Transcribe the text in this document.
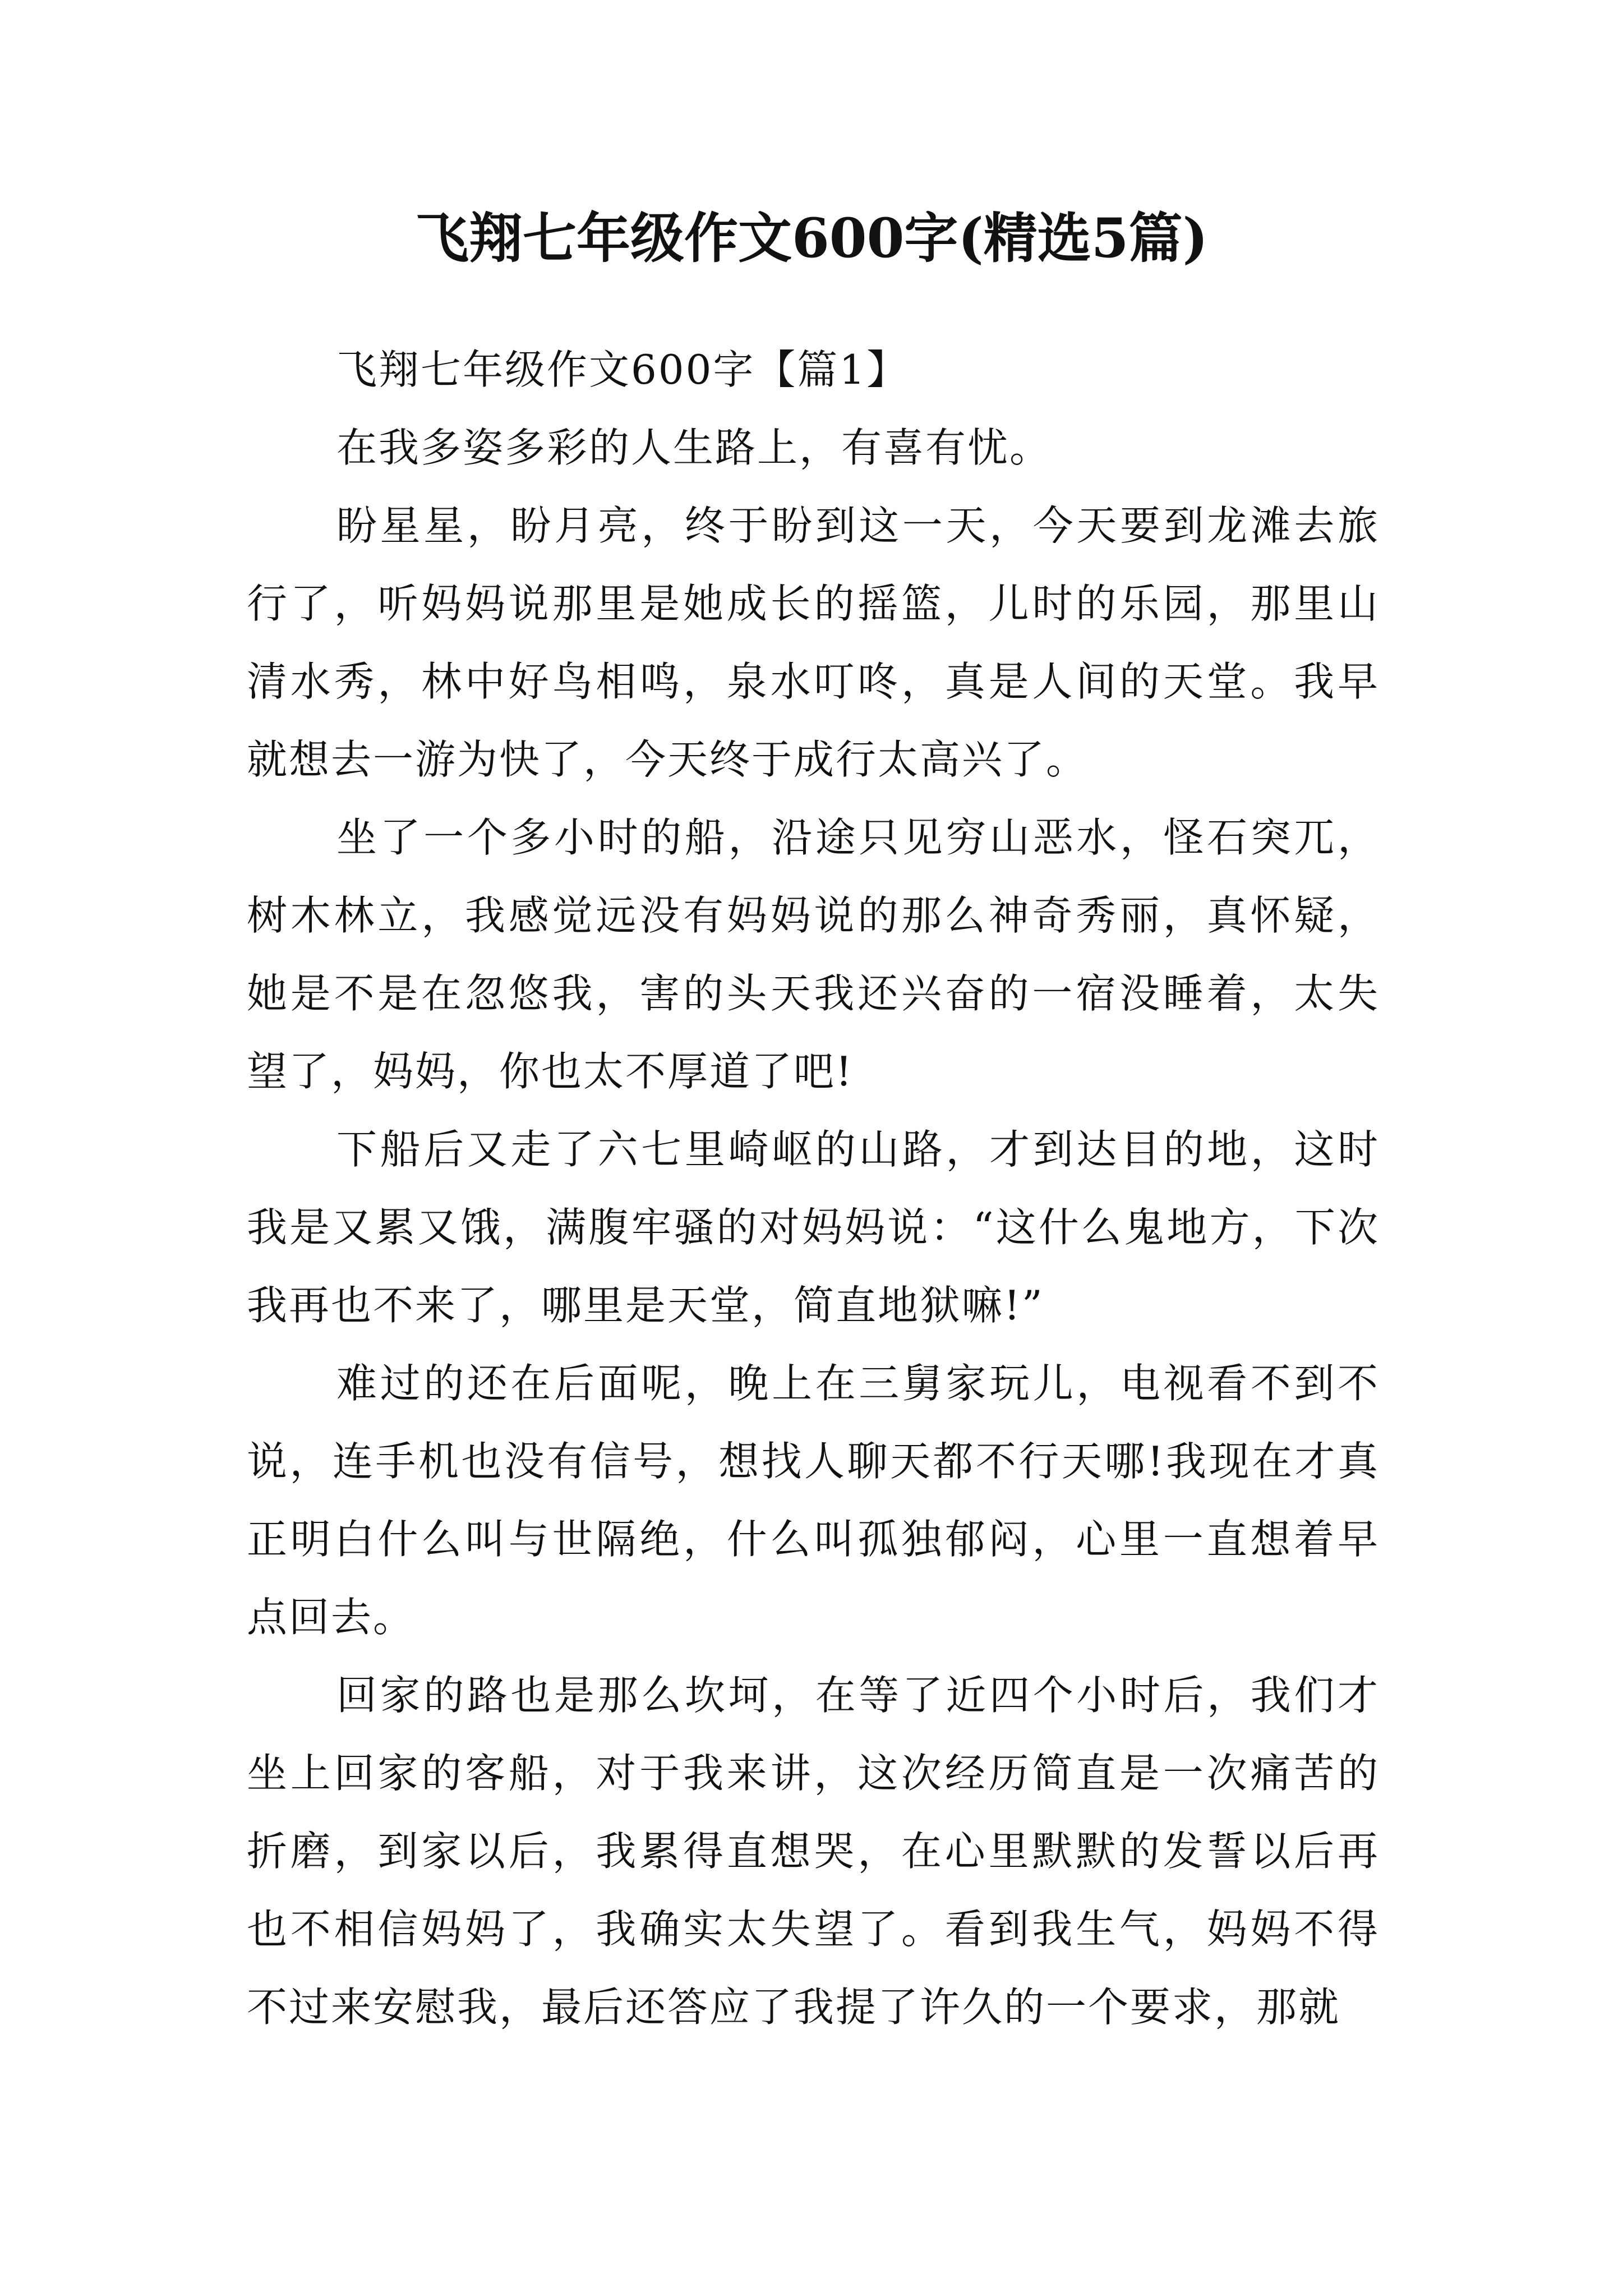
飞翔七年级作文600字(精选5篇)

飞翔七年级作文600字【篇1】

在我多姿多彩的人生路上，有喜有忧。

盼星星，盼月亮，终于盼到这一天，今天要到龙滩去旅行了，听妈妈说那里是她成长的摇篮，儿时的乐园，那里山清水秀，林中好鸟相鸣，泉水叮咚，真是人间的天堂。我早就想去一游为快了，今天终于成行太高兴了。

坐了一个多小时的船，沿途只见穷山恶水，怪石突兀，树木林立，我感觉远没有妈妈说的那么神奇秀丽，真怀疑，她是不是在忽悠我，害的头天我还兴奋的一宿没睡着，太失望了，妈妈，你也太不厚道了吧!

下船后又走了六七里崎岖的山路，才到达目的地，这时我是又累又饿，满腹牢骚的对妈妈说：“这什么鬼地方，下次我再也不来了，哪里是天堂，简直地狱嘛!”

难过的还在后面呢，晚上在三舅家玩儿，电视看不到不说，连手机也没有信号，想找人聊天都不行天哪!我现在才真正明白什么叫与世隔绝，什么叫孤独郁闷，心里一直想着早点回去。

回家的路也是那么坎坷，在等了近四个小时后，我们才坐上回家的客船，对于我来讲，这次经历简直是一次痛苦的折磨，到家以后，我累得直想哭，在心里默默的发誓以后再也不相信妈妈了，我确实太失望了。看到我生气，妈妈不得不过来安慰我，最后还答应了我提了许久的一个要求，那就
